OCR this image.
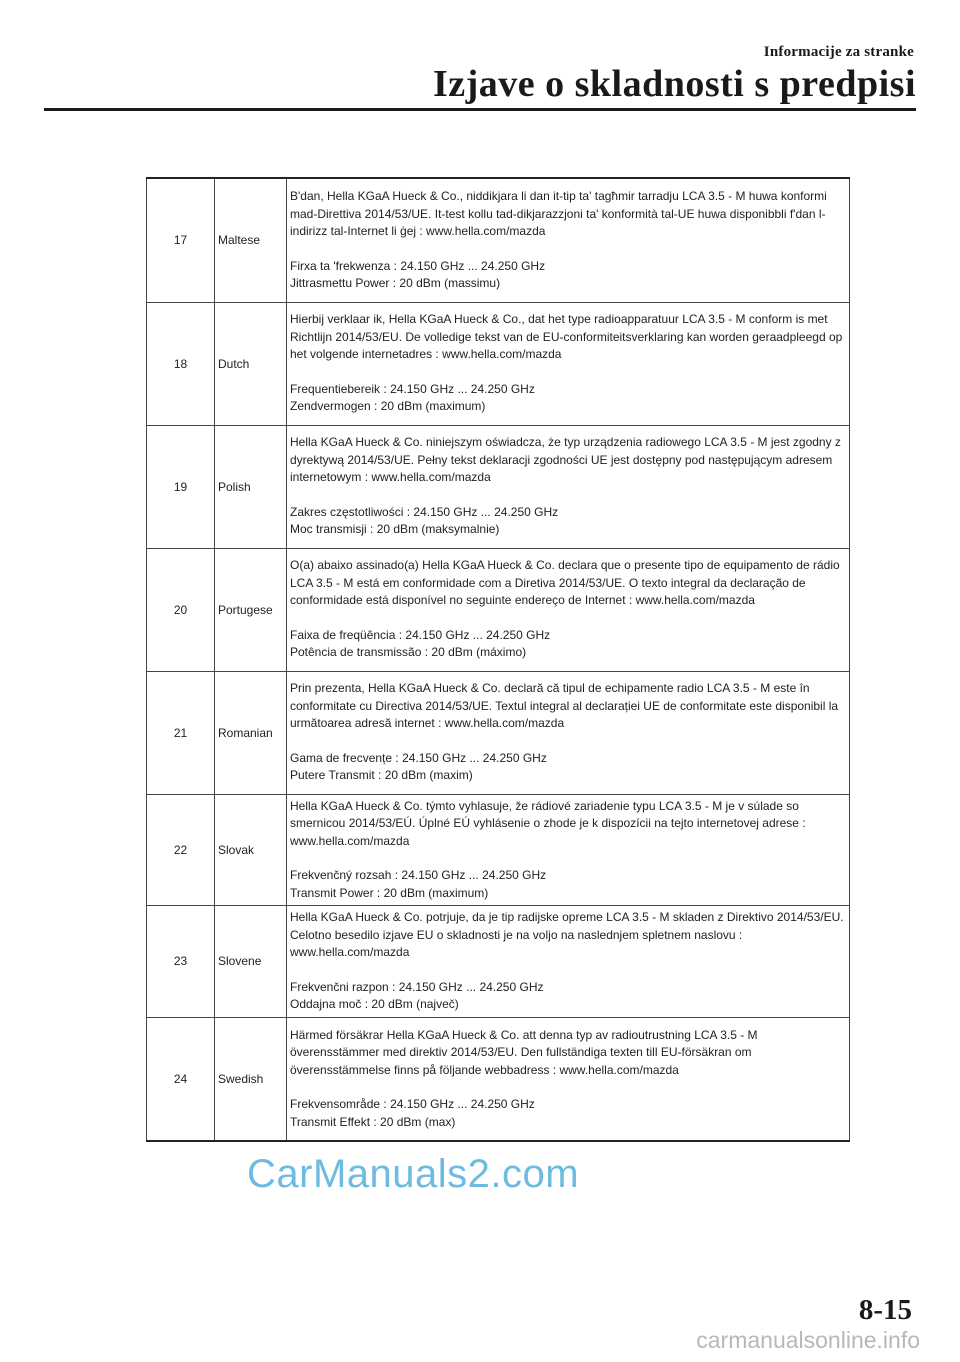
Informacije za stranke
Izjave o skladnosti s predpisi
17	Maltese	B'dan, Hella KGaA Hueck & Co., niddikjara li dan it-tip ta' tagħmir tarradju LCA 3.5 - M huwa konformi mad-Direttiva 2014/53/UE. It-test kollu tad-dikjarazzjoni ta' konformità tal-UE huwa disponibbli f'dan l-indirizz tal-Internet li ġej : www.hella.com/mazda
Firxa ta 'frekwenza : 24.150 GHz ... 24.250 GHz
Jittrasmettu Power : 20 dBm (massimu)

18	Dutch	Hierbij verklaar ik, Hella KGaA Hueck & Co., dat het type radioapparatuur LCA 3.5 - M conform is met Richtlijn 2014/53/EU. De volledige tekst van de EU-conformiteitsverklaring kan worden geraadpleegd op het volgende internetadres : www.hella.com/mazda
Frequentiebereik : 24.150 GHz ... 24.250 GHz
Zendvermogen : 20 dBm (maximum)

19	Polish	Hella KGaA Hueck & Co. niniejszym oświadcza, że typ urządzenia radiowego LCA 3.5 - M jest zgodny z dyrektywą 2014/53/UE. Pełny tekst deklaracji zgodności UE jest dostępny pod następującym adresem internetowym : www.hella.com/mazda
Zakres częstotliwości : 24.150 GHz ... 24.250 GHz
Moc transmisji : 20 dBm (maksymalnie)

20	Portugese	O(a) abaixo assinado(a) Hella KGaA Hueck & Co. declara que o presente tipo de equipamento de rádio LCA 3.5 - M está em conformidade com a Diretiva 2014/53/UE. O texto integral da declaração de conformidade está disponível no seguinte endereço de Internet : www.hella.com/mazda
Faixa de freqüência : 24.150 GHz ... 24.250 GHz
Potência de transmissão : 20 dBm (máximo)

21	Romanian	Prin prezenta, Hella KGaA Hueck & Co. declară că tipul de echipamente radio LCA 3.5 - M este în conformitate cu Directiva 2014/53/UE. Textul integral al declarației UE de conformitate este disponibil la următoarea adresă internet : www.hella.com/mazda
Gama de frecvențe : 24.150 GHz ... 24.250 GHz
Putere Transmit : 20 dBm (maxim)

22	Slovak	Hella KGaA Hueck & Co. týmto vyhlasuje, že rádiové zariadenie typu LCA 3.5 - M je v súlade so smernicou 2014/53/EÚ. Úplné EÚ vyhlásenie o zhode je k dispozícii na tejto internetovej adrese : www.hella.com/mazda
Frekvenčný rozsah : 24.150 GHz ... 24.250 GHz
Transmit Power : 20 dBm (maximum)

23	Slovene	Hella KGaA Hueck & Co. potrjuje, da je tip radijske opreme LCA 3.5 - M skladen z Direktivo 2014/53/EU. Celotno besedilo izjave EU o skladnosti je na voljo na naslednjem spletnem naslovu : www.hella.com/mazda
Frekvenčni razpon : 24.150 GHz ... 24.250 GHz
Oddajna moč : 20 dBm (največ)

24	Swedish	Härmed försäkrar Hella KGaA Hueck & Co. att denna typ av radioutrustning LCA 3.5 - M överensstämmer med direktiv 2014/53/EU. Den fullständiga texten till EU-försäkran om överensstämmelse finns på följande webbadress : www.hella.com/mazda
Frekvensområde : 24.150 GHz ... 24.250 GHz
Transmit Effekt : 20 dBm (max)
CarManuals2.com
8-15
carmanualsonline.info
